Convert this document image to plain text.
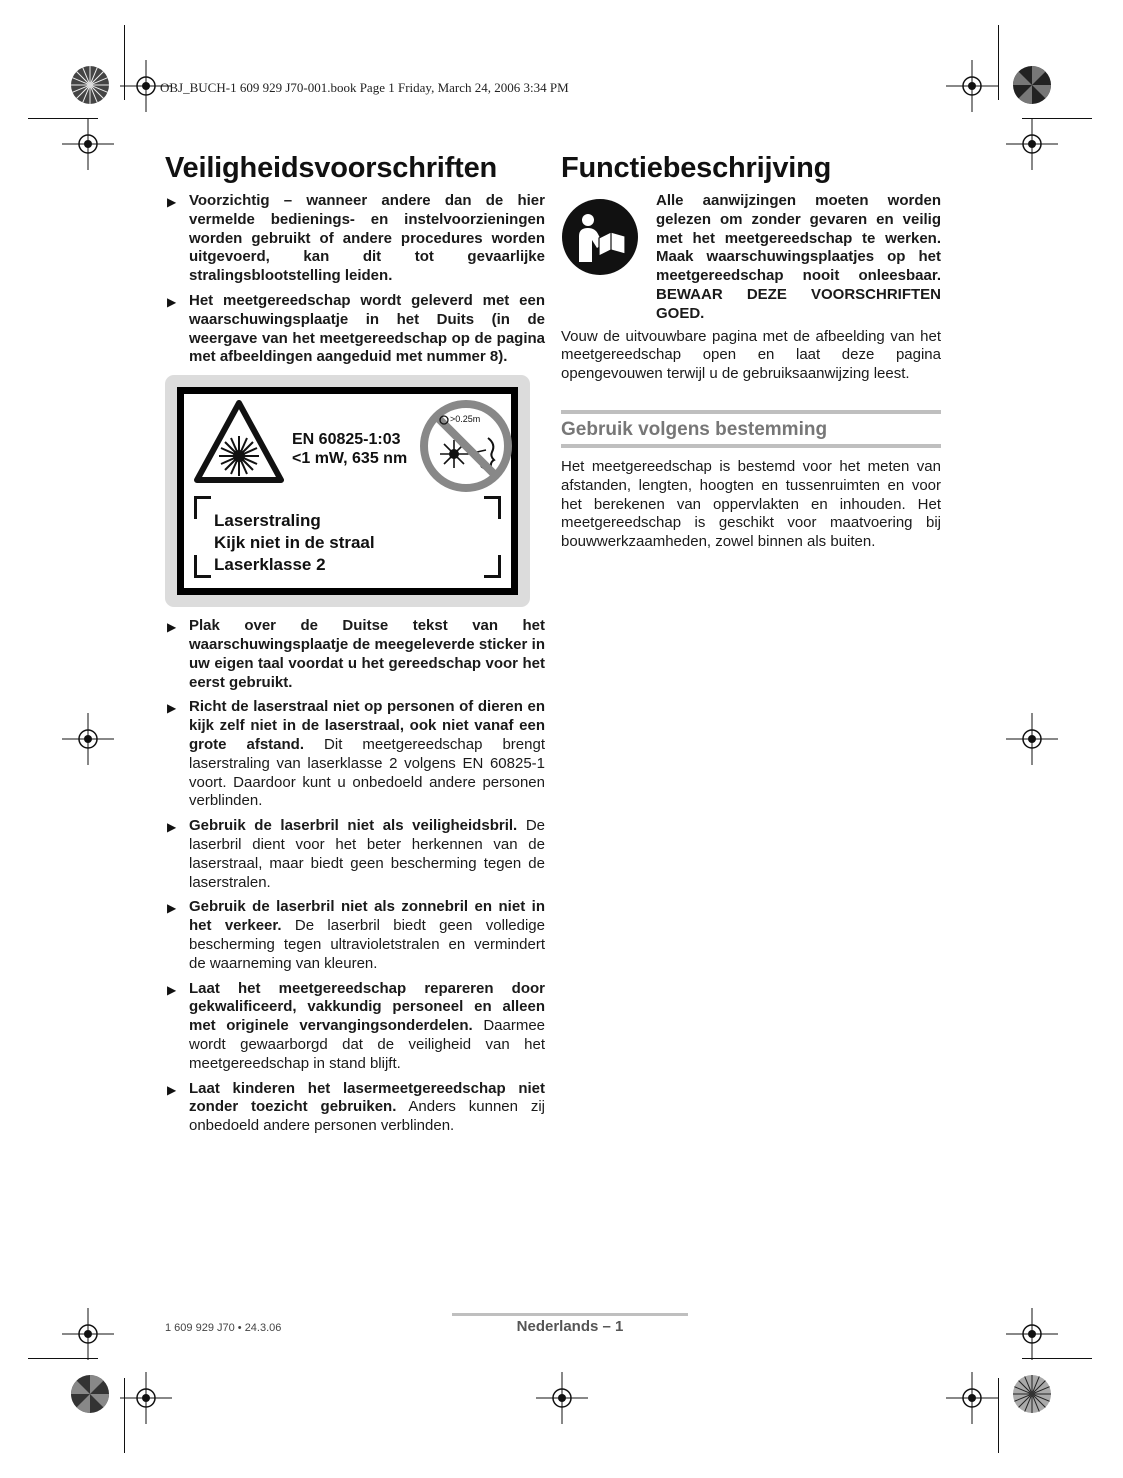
OBJ_BUCH-1 609 929 J70-001.book Page 1 Friday, March 24, 2006 3:34 PM
Veiligheidsvoorschriften Functiebeschrijving
▶ Voorzichtig – wanneer andere dan de hier vermelde bedienings- en instelvoorzieningen worden gebruikt of andere procedures worden uitgevoerd, kan dit tot gevaarlijke stralingsblootstelling leiden.
▶ Het meetgereedschap wordt geleverd met een waarschuwingsplaatje in het Duits (in de weergave van het meetgereedschap op de pagina met afbeeldingen aangeduid met nummer 8).
EN 60825-1:03
<1 mW, 635 nm
>0.25m
Laserstraling
Kijk niet in de straal
Laserklasse 2
▶ Plak over de Duitse tekst van het waarschuwingsplaatje de meegeleverde sticker in uw eigen taal voordat u het gereedschap voor het eerst gebruikt.
▶ Richt de laserstraal niet op personen of dieren en kijk zelf niet in de laserstraal, ook niet vanaf een grote afstand. Dit meetgereedschap brengt laserstraling van laserklasse 2 volgens EN 60825-1 voort. Daardoor kunt u onbedoeld andere personen verblinden.
▶ Gebruik de laserbril niet als veiligheidsbril. De laserbril dient voor het beter herkennen van de laserstraal, maar biedt geen bescherming tegen de laserstralen.
▶ Gebruik de laserbril niet als zonnebril en niet in het verkeer. De laserbril biedt geen volledige bescherming tegen ultravioletstralen en vermindert de waarneming van kleuren.
▶ Laat het meetgereedschap repareren door gekwalificeerd, vakkundig personeel en alleen met originele vervangingsonderdelen. Daarmee wordt gewaarborgd dat de veiligheid van het meetgereedschap in stand blijft.
▶ Laat kinderen het lasermeetgereedschap niet zonder toezicht gebruiken. Anders kunnen zij onbedoeld andere personen verblinden.
Alle aanwijzingen moeten worden gelezen om zonder gevaren en veilig met het meetgereedschap te werken. Maak waarschuwingsplaatjes op het meetgereedschap nooit onleesbaar. BEWAAR DEZE VOORSCHRIFTEN GOED.
Vouw de uitvouwbare pagina met de afbeelding van het meetgereedschap open en laat deze pagina opengevouwen terwijl u de gebruiksaanwijzing leest.
Gebruik volgens bestemming
Het meetgereedschap is bestemd voor het meten van afstanden, lengten, hoogten en tussenruimten en voor het berekenen van oppervlakten en inhouden. Het meetgereedschap is geschikt voor maatvoering bij bouwwerkzaamheden, zowel binnen als buiten.
1 609 929 J70 • 24.3.06	Nederlands – 1
